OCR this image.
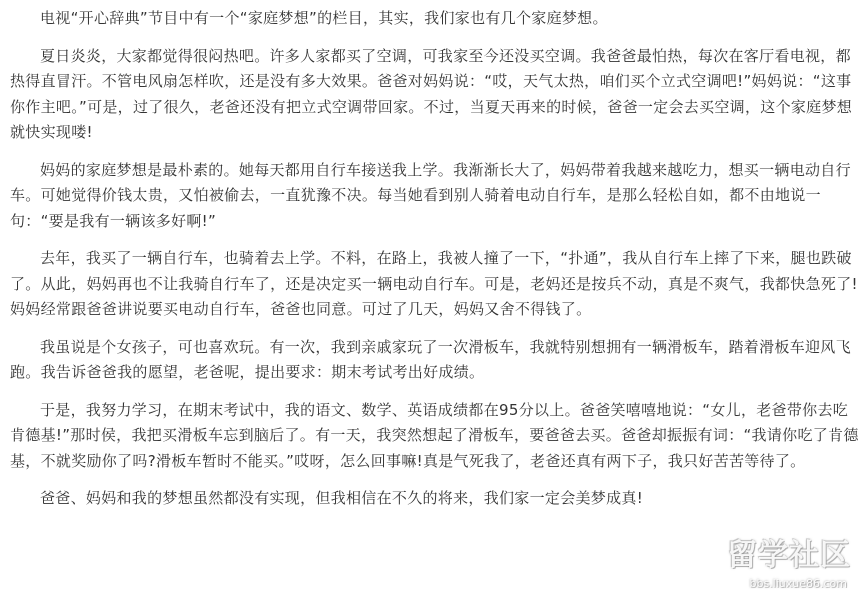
电视“开心辞典”节目中有一个“家庭梦想”的栏目，其实，我们家也有几个家庭梦想。

夏日炎炎，大家都觉得很闷热吧。许多人家都买了空调，可我家至今还没买空调。我爸爸最怕热，每次在客厅看电视，都热得直冒汗。不管电风扇怎样吹，还是没有多大效果。爸爸对妈妈说：“哎，天气太热，咱们买个立式空调吧!”妈妈说：“这事你作主吧。”可是，过了很久，老爸还没有把立式空调带回家。不过，当夏天再来的时候，爸爸一定会去买空调，这个家庭梦想就快实现喽!

妈妈的家庭梦想是最朴素的。她每天都用自行车接送我上学。我渐渐长大了，妈妈带着我越来越吃力，想买一辆电动自行车。可她觉得价钱太贵，又怕被偷去，一直犹豫不决。每当她看到别人骑着电动自行车，是那么轻松自如，都不由地说一句：“要是我有一辆该多好啊!”

去年，我买了一辆自行车，也骑着去上学。不料，在路上，我被人撞了一下，“扑通”，我从自行车上摔了下来，腿也跌破了。从此，妈妈再也不让我骑自行车了，还是决定买一辆电动自行车。可是，老妈还是按兵不动，真是不爽气，我都快急死了!妈妈经常跟爸爸讲说要买电动自行车，爸爸也同意。可过了几天，妈妈又舍不得钱了。

我虽说是个女孩子，可也喜欢玩。有一次，我到亲戚家玩了一次滑板车，我就特别想拥有一辆滑板车，踏着滑板车迎风飞跑。我告诉爸爸我的愿望，老爸呢，提出要求：期末考试考出好成绩。

于是，我努力学习，在期末考试中，我的语文、数学、英语成绩都在95分以上。爸爸笑嘻嘻地说：“女儿，老爸带你去吃肯德基!”那时侯，我把买滑板车忘到脑后了。有一天，我突然想起了滑板车，要爸爸去买。爸爸却振振有词：“我请你吃了肯德基，不就奖励你了吗?滑板车暂时不能买。”哎呀，怎么回事嘛!真是气死我了，老爸还真有两下子，我只好苦苦等待了。

爸爸、妈妈和我的梦想虽然都没有实现，但我相信在不久的将来，我们家一定会美梦成真!

留学社区
bbs.liuxue86.com
